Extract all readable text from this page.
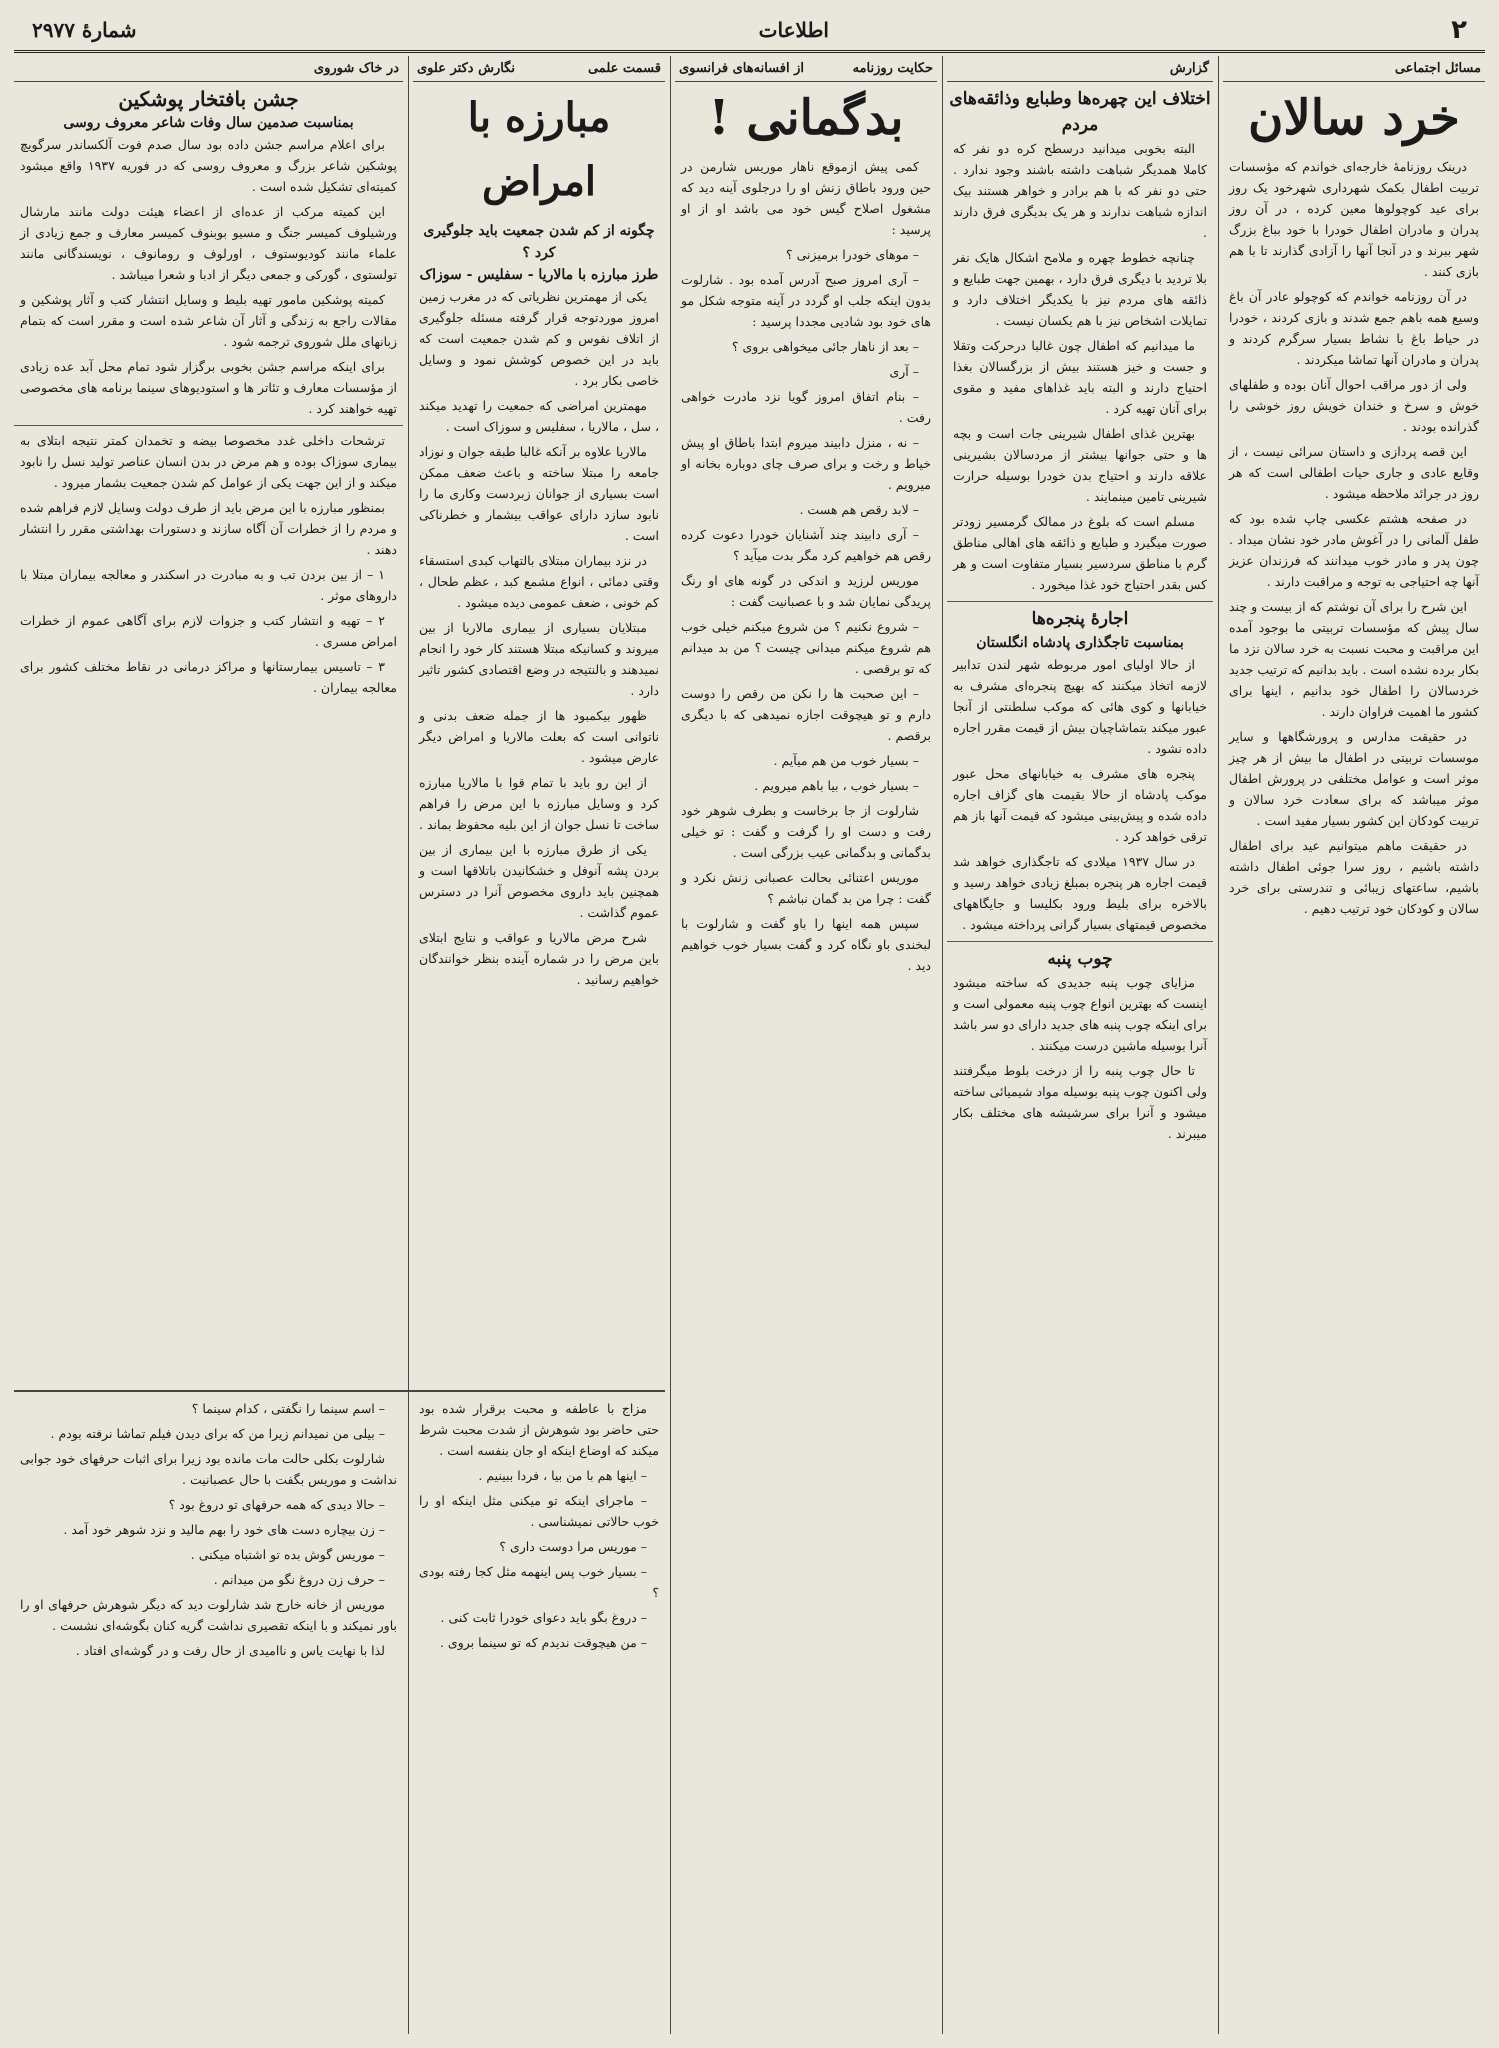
۲
اطلاعات
شمارهٔ ۲۹۷۷
مسائل اجتماعی
خرد سالان

درینک روزنامهٔ خارجه‌ای خواندم که مؤسسات تربیت اطفال بکمک شهرداری شهرخود یک روز برای عید کوچولوها معین کرده ، در آن روز پدران و مادران اطفال خودرا با خود بباغ بزرگ شهر ببرند و در آنجا آنها را آزادی گذارند تا با هم بازی کنند .

در آن روزنامه خواندم که کوچولو عادر آن باغ وسیع همه باهم جمع شدند و بازی کردند ، خودرا در حیاط باغ با نشاط بسیار سرگرم کردند و پدران و مادران آنها تماشا میکردند .

ولی از دور مراقب احوال آنان بوده و طفلهای خوش و سرخ و خندان خویش روز خوشی را گذرانده بودند .

این قصه پردازی و داستان سرائی نیست ، از وقایع عادی و جاری حیات اطفالی است که هر روز در جرائد ملاحظه میشود .

در صفحه هشتم عکسی چاپ شده بود که طفل آلمانی را در آغوش مادر خود نشان میداد . چون پدر و مادر خوب میدانند که فرزندان عزیز آنها چه احتیاجی به توجه و مراقبت دارند .

این شرح را برای آن نوشتم که از بیست و چند سال پیش که مؤسسات تربیتی ما بوجود آمده این مراقبت و محبت نسبت به خرد سالان نزد ما بکار برده نشده است . باید بدانیم که ترتیب جدید خردسالان را اطفال خود بدانیم ، اینها برای کشور ما اهمیت فراوان دارند .

در حقیقت مدارس و پرورشگاهها و سایر موسسات تربیتی در اطفال ما بیش از هر چیز موثر است و عوامل مختلفی در پرورش اطفال موثر میباشد که برای سعادت خرد سالان و تربیت کودکان این کشور بسیار مفید است .

در حقیقت ماهم میتوانیم عید برای اطفال داشته باشیم ، روز سرا جوئی اطفال داشته باشیم، ساعتهای زیبائی و تندرستی برای خرد سالان و کودکان خود ترتیب دهیم .

گزارش
اختلاف این چهره‌ها وطبایع وذائقه‌های مردم

البته بخوبی میدانید درسطح کره دو نفر که کاملا همدیگر شباهت داشته باشند وجود ندارد . حتی دو نفر که با هم برادر و خواهر هستند بیک اندازه شباهت ندارند و هر یک بدیگری فرق دارند .

چنانچه خطوط چهره و ملامح اشکال هایک نفر بلا تردید با دیگری فرق دارد ، بهمین جهت طبایع و ذائقه های مردم نیز با یکدیگر اختلاف دارد و تمایلات اشخاص نیز با هم یکسان نیست .

ما میدانیم که اطفال چون غالبا درحرکت وتقلا و جست و خیز هستند بیش از بزرگسالان بغذا احتیاج دارند و البته باید غذاهای مفید و مقوی برای آنان تهیه کرد .

بهترین غذای اطفال شیرینی جات است و بچه ها و حتی جوانها بیشتر از مردسالان بشیرینی علاقه دارند و احتیاج بدن خودرا بوسیله حرارت شیرینی تامین مینمایند .

مسلم است که بلوغ در ممالک گرمسیر زودتر صورت میگیرد و طبایع و ذائقه های اهالی مناطق گرم با مناطق سردسیر بسیار متفاوت است و هر کس بقدر احتیاج خود غذا میخورد .

اجارهٔ پنجره‌ها
بمناسبت تاجگذاری پادشاه انگلستان

از حالا اولیای امور مربوطه شهر لندن تدابیر لازمه اتخاذ میکنند که بهیچ پنجره‌ای مشرف به خیابانها و کوی هائی که موکب سلطنتی از آنجا عبور میکند بتماشاچیان بیش از قیمت مقرر اجاره داده نشود .

پنجره های مشرف به خیابانهای محل عبور موکب پادشاه از حالا بقیمت های گزاف اجاره داده شده و پیش‌بینی میشود که قیمت آنها باز هم ترقی خواهد کرد .

در سال ۱۹۳۷ میلادی که تاجگذاری خواهد شد قیمت اجاره هر پنجره بمبلغ زیادی خواهد رسید و بالاخره برای بلیط ورود بکلیسا و جایگاههای مخصوص قیمتهای بسیار گرانی پرداخته میشود .

چوب پنبه

مزایای چوب پنبه جدیدی که ساخته میشود اینست که بهترین انواع چوب پنبه معمولی است و برای اینکه چوب پنبه های جدید دارای دو سر باشد آنرا بوسیله ماشین درست میکنند .

تا حال چوب پنبه را از درخت بلوط میگرفتند ولی اکنون چوب پنبه بوسیله مواد شیمیائی ساخته میشود و آنرا برای سرشیشه های مختلف بکار میبرند .

حکایت روزنامه
از افسانه‌های فرانسوی
بدگمانی !

کمی پیش ازموقع ناهار موریس شارمن در حین ورود باطاق زنش او را درجلوی آینه دید که مشغول اصلاح گیس خود می باشد او از او پرسید :

– موهای خودرا برمیزنی ؟

– آری امروز صبح آدرس آمده بود . شارلوت بدون اینکه جلب او گردد در آینه متوجه شکل مو های خود بود شادیی مجددا پرسید :

– بعد از ناهار جائی میخواهی بروی ؟

– آری

– بنام اتفاق امروز گویا نزد مادرت خواهی رفت .

– نه ، منزل دابیند میروم ابتدا باطاق او پیش خیاط و رخت و برای صرف چای دوباره بخانه او میرویم .

– لابد رقص هم هست .

– آری دابیند چند آشنایان خودرا دعوت کرده رقص هم خواهیم کرد مگر بدت میآید ؟

موریس لرزید و اندکی در گونه های او رنگ پریدگی نمایان شد و با عصبانیت گفت :

– شروع نکنیم ؟ من شروع میکنم خیلی خوب هم شروع میکنم میدانی چیست ؟ من بد میدانم که تو برقصی .

– این صحبت ها را نکن من رقص را دوست دارم و تو هیچوقت اجازه نمیدهی که با دیگری برقصم .

– بسیار خوب من هم میآیم .

– بسیار خوب ، بیا باهم میرویم .

شارلوت از جا برخاست و بطرف شوهر خود رفت و دست او را گرفت و گفت : تو خیلی بدگمانی و بدگمانی عیب بزرگی است .

موریس اعتنائی بحالت عصبانی زنش نکرد و گفت : چرا من بد گمان نباشم ؟

سپس همه اینها را باو گفت و شارلوت با لبخندی باو نگاه کرد و گفت بسیار خوب خواهیم دید .

قسمت علمی
نگارش دکتر علوی
مبارزه با امراض
چگونه از کم شدن جمعیت باید جلوگیری کرد ؟
طرز مبارزه با مالاریا - سفلیس - سوزاک

یکی از مهمترین نظریاتی که در مغرب زمین امروز موردتوجه قرار گرفته مسئله جلوگیری از اتلاف نفوس و کم شدن جمعیت است که باید در این خصوص کوشش نمود و وسایل خاصی بکار برد .

مهمترین امراضی که جمعیت را تهدید میکند ، سل ، مالاریا ، سفلیس و سوزاک است .

مالاریا علاوه بر آنکه غالبا طبقه جوان و نوزاد جامعه را مبتلا ساخته و باعث ضعف ممکن است بسیاری از جوانان زبردست وکاری ما را نابود سازد دارای عواقب بیشمار و خطرناکی است .

در نزد بیماران مبتلای بالتهاب کبدی استسقاء وقتی دمائی ، انواع مشمع کبد ، عظم طحال ، کم خونی ، ضعف عمومی دیده میشود .

مبتلایان بسیاری از بیماری مالاریا از بین میروند و کسانیکه مبتلا هستند کار خود را انجام نمیدهند و بالنتیجه در وضع اقتصادی کشور تاثیر دارد .

ظهور بیکمبود ها از جمله ضعف بدنی و ناتوانی است که بعلت مالاریا و امراض دیگر عارض میشود .

از این رو باید با تمام قوا با مالاریا مبارزه کرد و وسایل مبارزه با این مرض را فراهم ساخت تا نسل جوان از این بلیه محفوظ بماند .

یکی از طرق مبارزه با این بیماری از بین بردن پشه آنوفل و خشکانیدن باتلاقها است و همچنین باید داروی مخصوص آنرا در دسترس عموم گذاشت .

شرح مرض مالاریا و عواقب و نتایج ابتلای باین مرض را در شماره آینده بنظر خوانندگان خواهیم رسانید .

در خاک شوروی
جشن بافتخار پوشکین
بمناسبت صدمین سال وفات شاعر معروف روسی

برای اعلام مراسم جشن داده بود سال صدم فوت آلکساندر سرگویچ پوشکین شاعر بزرگ و معروف روسی که در فوریه ۱۹۳۷ واقع میشود کمیته‌ای تشکیل شده است .

این کمیته مرکب از عده‌ای از اعضاء هیئت دولت مانند مارشال ورشیلوف کمیسر جنگ و مسیو بوبنوف کمیسر معارف و جمع زیادی از علماء مانند کودیوستوف ، اورلوف و رومانوف ، نویسندگانی مانند تولستوی ، گورکی و جمعی دیگر از ادبا و شعرا میباشد .

کمیته پوشکین مامور تهیه بلیط و وسایل انتشار کتب و آثار پوشکین و مقالات راجع به زندگی و آثار آن شاعر شده است و مقرر است که بتمام زبانهای ملل شوروی ترجمه شود .

برای اینکه مراسم جشن بخوبی برگزار شود تمام محل آبد عده زیادی از مؤسسات معارف و تئاتر ها و استودیوهای سینما برنامه های مخصوصی تهیه خواهند کرد .

ترشحات داخلی غدد مخصوصا بیضه و تخمدان کمتر نتیجه ابتلای به بیماری سوزاک بوده و هم مرض در بدن انسان عناصر تولید نسل را نابود میکند و از این جهت یکی از عوامل کم شدن جمعیت بشمار میرود .

بمنظور مبارزه با این مرض باید از طرف دولت وسایل لازم فراهم شده و مردم را از خطرات آن آگاه سازند و دستورات بهداشتی مقرر را انتشار دهند .

۱ – از بین بردن تب و به مبادرت در اسکندر و معالجه بیماران مبتلا با داروهای موثر .

۲ – تهیه و انتشار کتب و جزوات لازم برای آگاهی عموم از خطرات امراض مسری .

۳ – تاسیس بیمارستانها و مراکز درمانی در نقاط مختلف کشور برای معالجه بیماران .

مزاج با عاطفه و محبت برقرار شده بود حتی حاضر بود شوهرش از شدت محبت شرط میکند که اوضاع اینکه او جان بنفسه است .

– اینها هم با من بیا ، فردا ببینیم .

– ماجرای اینکه تو میکنی مثل اینکه او را خوب حالاتی نمیشناسی .

– موریس مرا دوست داری ؟

– بسیار خوب پس اینهمه مثل کجا رفته بودی ؟

– دروغ بگو باید دعوای خودرا ثابت کنی .

– من هیچوقت ندیدم که تو سینما بروی .

– اسم سینما را نگفتی ، کدام سینما ؟

– بیلی من نمیدانم زیرا من که برای دیدن فیلم تماشا نرفته بودم .

شارلوت بکلی حالت مات مانده بود زیرا برای اثبات حرفهای خود جوابی نداشت و موریس بگفت با حال عصبانیت .

– حالا دیدی که همه حرفهای تو دروغ بود ؟

– زن بیچاره دست های خود را بهم مالید و نزد شوهر خود آمد .

– موریس گوش بده تو اشتباه میکنی .

– حرف زن دروغ نگو من میدانم .

موریس از خانه خارج شد شارلوت دید که دیگر شوهرش حرفهای او را باور نمیکند و با اینکه تقصیری نداشت گریه کنان بگوشه‌ای نشست .

لذا با نهایت یاس و ناامیدی از حال رفت و در گوشه‌ای افتاد .
